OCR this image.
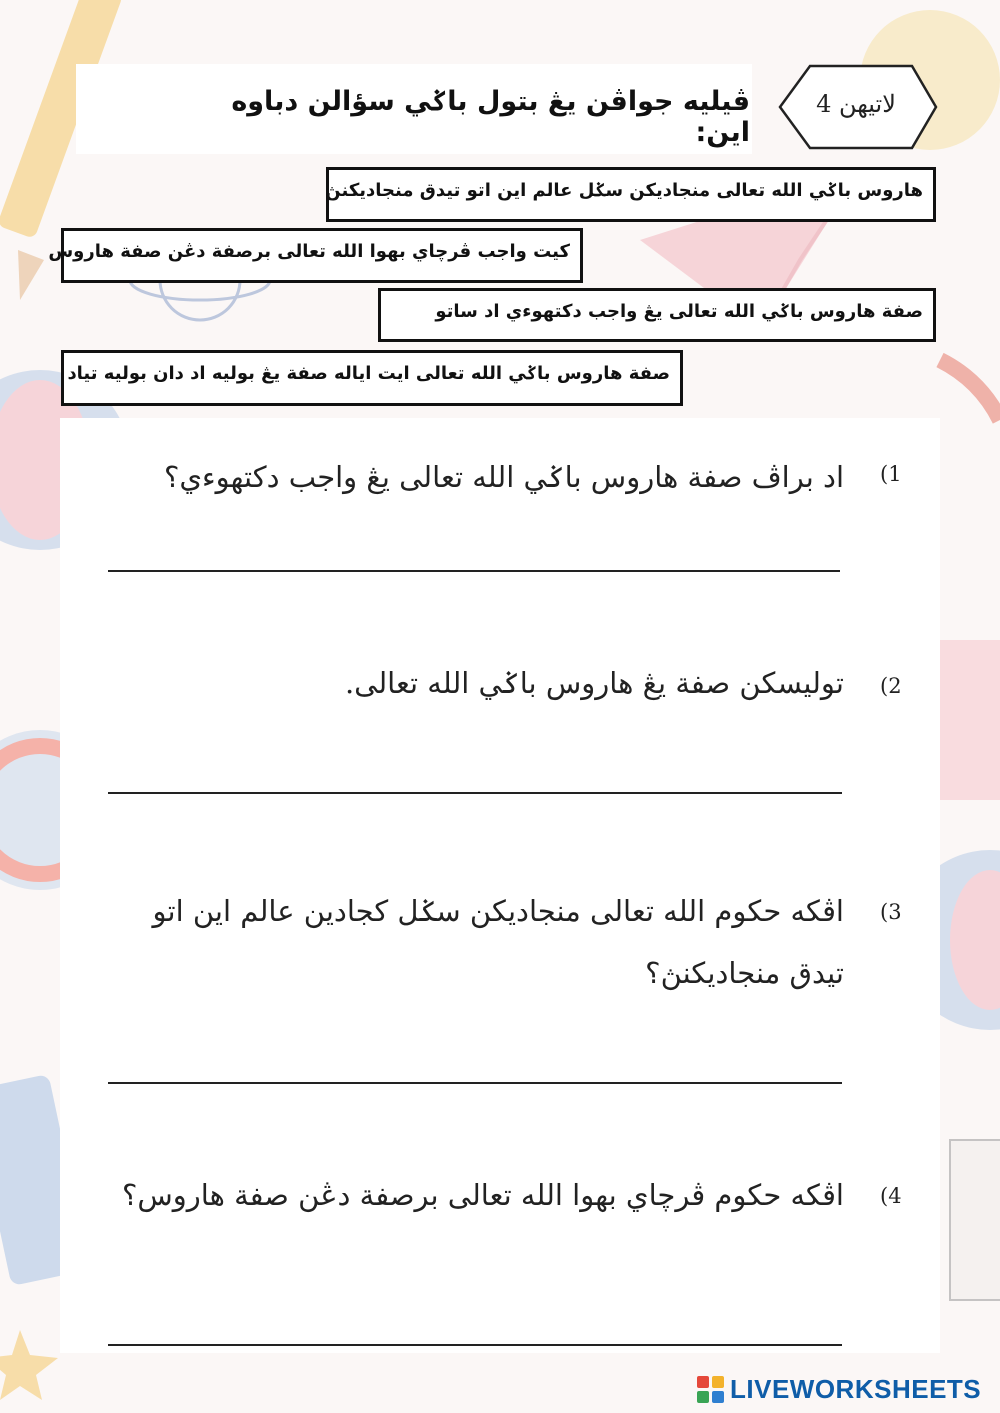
ڤيليه جواڤن يڠ بتول باݢي سؤالن دباوه اين:
لاتيهن 4
هاروس باݢي الله تعالى منجاديکن سݢل عالم اين اتو تيدق منجاديکنڽ
کيت واجب ڤرچاي بهوا الله تعالى برصفة دڠن صفة هاروس
صفة هاروس باݢي الله تعالى يڠ واجب دکتهوءي اد ساتو
صفة هاروس باݢي الله تعالى ايت اياله صفة يڠ بوليه اد دان بوليه تياد
(1
اد براڤ صفة هاروس باݢي الله تعالى يڠ واجب دکتهوءي؟
(2
توليسکن صفة يڠ هاروس باݢي الله تعالى.
(3
اڤکه حکوم الله تعالى منجاديکن سݢل کجادين عالم اين اتو تيدق منجاديکنڽ؟
(4
اڤکه حکوم ڤرچاي بهوا الله تعالى برصفة دڠن صفة هاروس؟
LIVEWORKSHEETS
